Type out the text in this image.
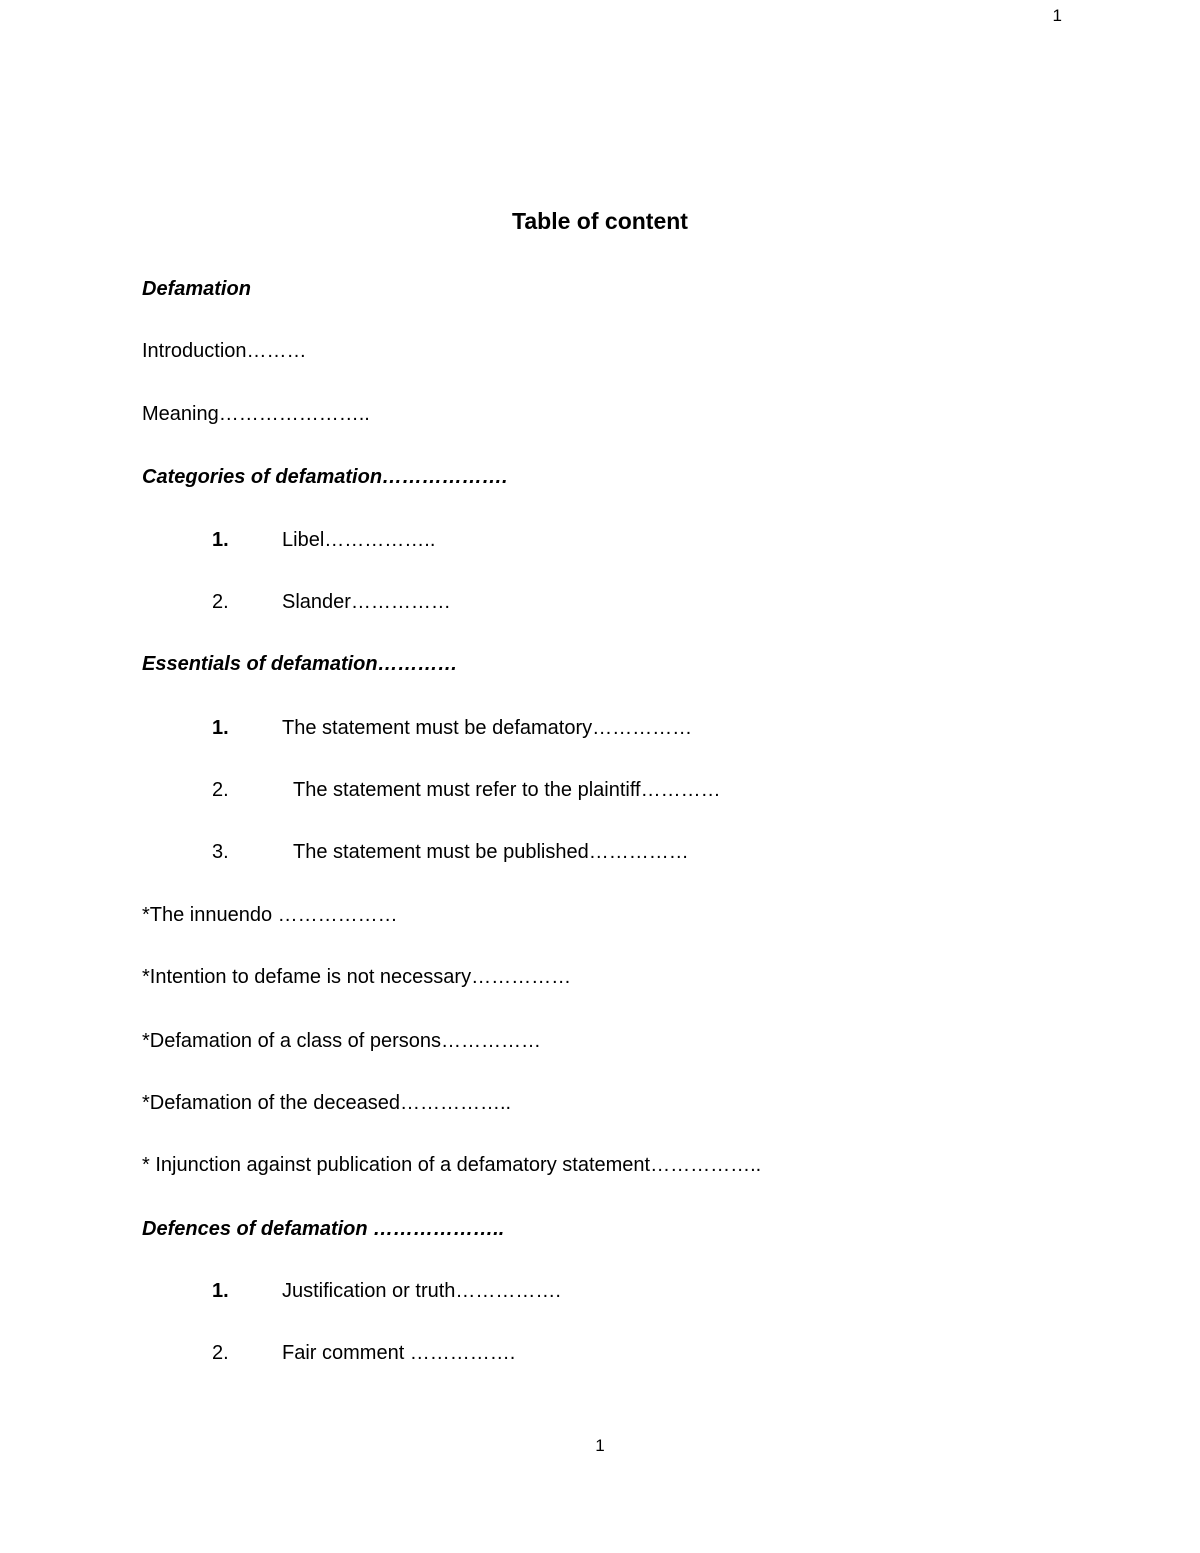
1
Table of content
Defamation
Introduction………
Meaning…………………..
Categories of defamation……………….
1.	Libel……………..
2.	Slander……………
Essentials of defamation…………
1.	The statement must be defamatory……………
2.	The statement must refer to the plaintiff…………
3.	The statement must be published……………
*The innuendo ………………
*Intention to defame is not necessary……………
*Defamation of a class of persons……………
*Defamation of the deceased……………..
* Injunction against publication of a defamatory statement……………..
Defences of defamation ………………..
1.	Justification or truth…………….
2.	Fair comment …………….
1
